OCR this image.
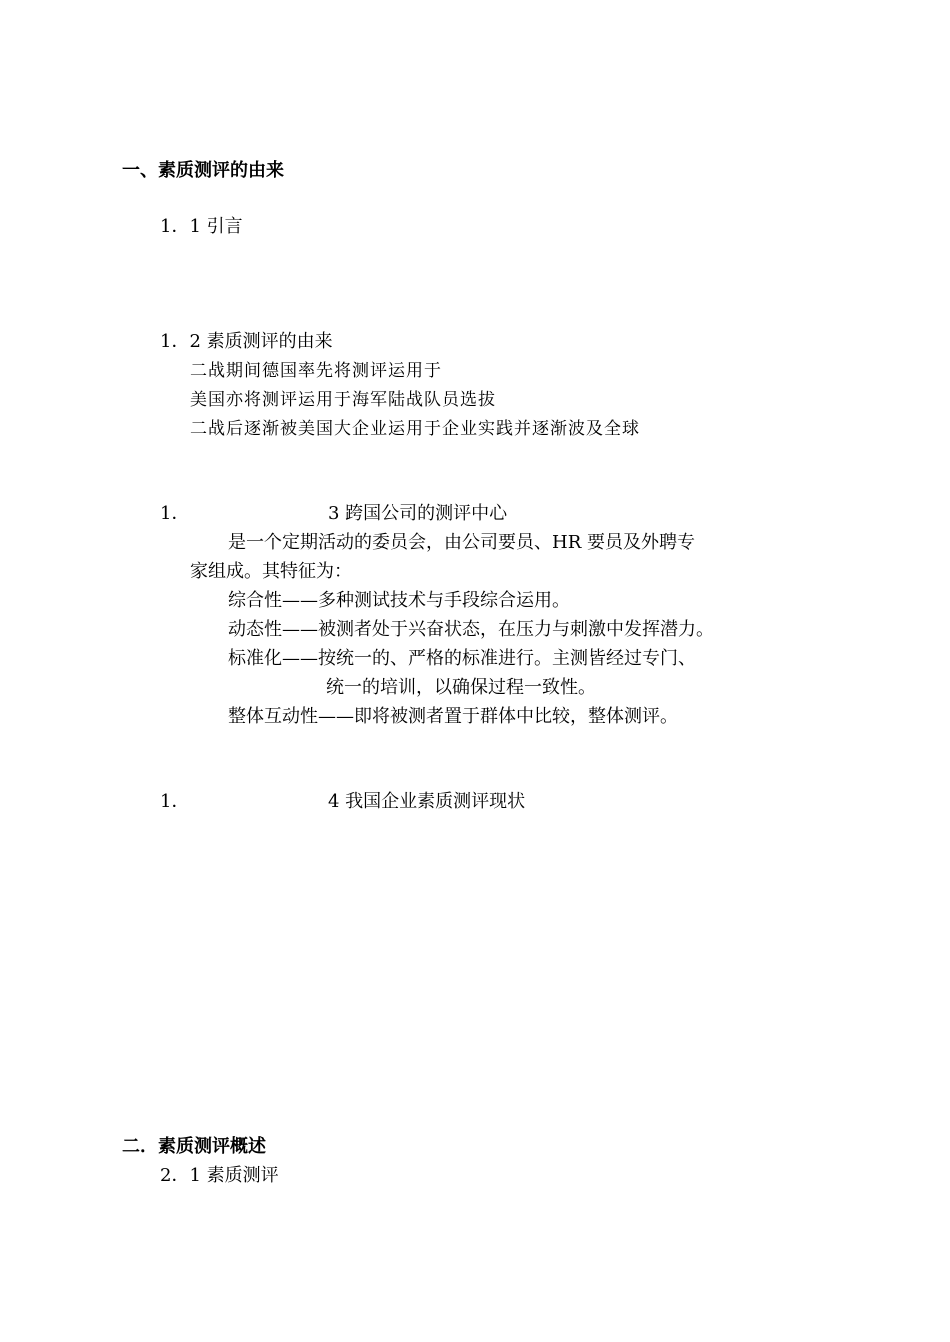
一、素质测评的由来
1．1 引言
1．2 素质测评的由来
二战期间德国率先将测评运用于
美国亦将测评运用于海军陆战队员选拔
二战后逐渐被美国大企业运用于企业实践并逐渐波及全球
1．	3 跨国公司的测评中心
是一个定期活动的委员会，由公司要员、HR 要员及外聘专
家组成。其特征为：
综合性——多种测试技术与手段综合运用。
动态性——被测者处于兴奋状态，在压力与刺激中发挥潜力。
标准化——按统一的、严格的标准进行。主测皆经过专门、
统一的培训，以确保过程一致性。
整体互动性——即将被测者置于群体中比较，整体测评。
1．	4 我国企业素质测评现状
二．素质测评概述
2．1 素质测评
